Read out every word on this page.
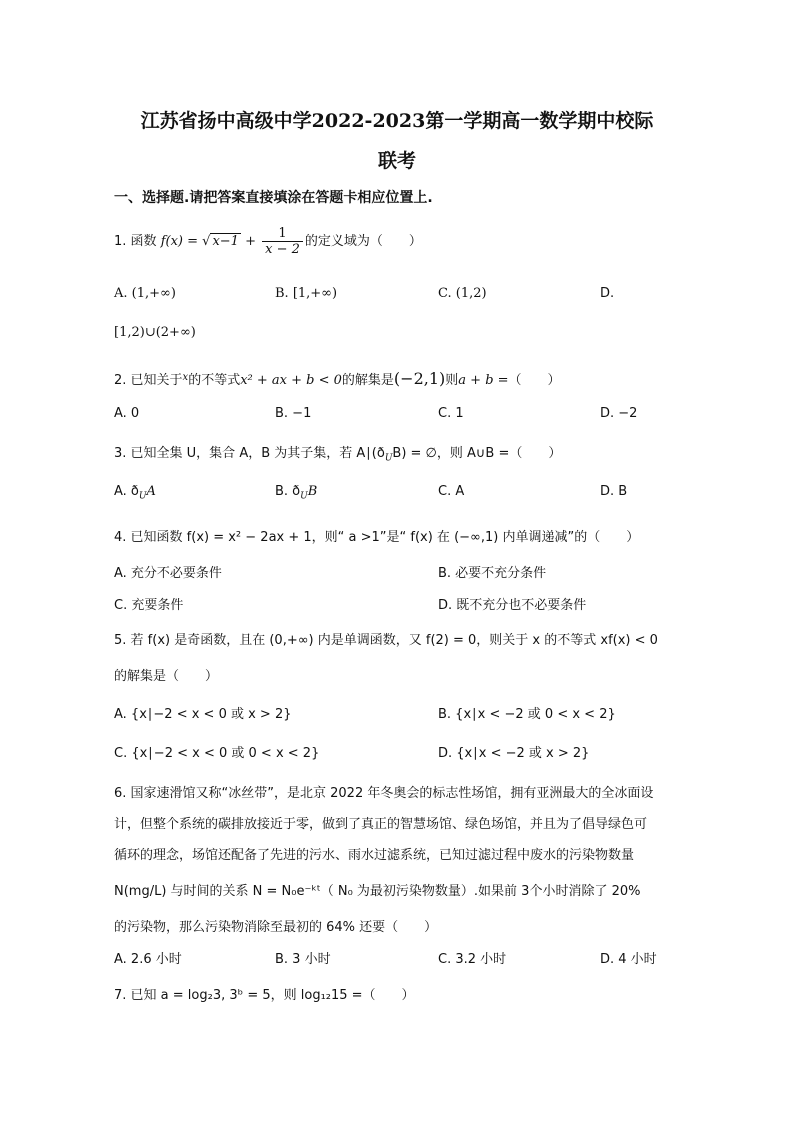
江苏省扬中高级中学2022-2023第一学期高一数学期中校际
联考
一、选择题.请把答案直接填涂在答题卡相应位置上.
1. 函数 f(x) = √ $x-1 + \frac{1}{x - 2}$ 的定义域为（　　）
A. (1,+∞)	B. [1,+∞)	C. (1,2)	D.
[1,2)∪(2+∞)
2. 已知关于$^x$的不等式x² + ax + b < 0的解集是(−2,1)则a + b =（　　）
A. 0	B. −1	C. 1	D. −2
3. 已知全集 U，集合 A，B 为其子集，若 $A∣(ð_UB)$ = ∅，则 A∪B =（　　）
A. $ð_UA$	B. $ð_UB$	C. A	D. B
4. 已知函数 f(x) = x² − 2ax + 1，则“ a >1”是“ f(x) 在 (−∞,1) 内单调递减”的（　　）
A. 充分不必要条件	B. 必要不充分条件
C. 充要条件	D. 既不充分也不必要条件
5. 若 f(x) 是奇函数，且在 (0,+∞) 内是单调函数，又 f(2) = 0，则关于 x 的不等式 xf(x) < 0
的解集是（　　）
A. {x∣−2 < x < 0 或 x > 2}	B. {x∣x < −2 或 0 < x < 2}
C. {x∣−2 < x < 0 或 0 < x < 2}	D. {x∣x < −2 或 x > 2}
6. 国家速滑馆又称“冰丝带”，是北京 2022 年冬奥会的标志性场馆，拥有亚洲最大的全冰面设
计，但整个系统的碳排放接近于零，做到了真正的智慧场馆、绿色场馆，并且为了倡导绿色可
循环的理念，场馆还配备了先进的污水、雨水过滤系统，已知过滤过程中废水的污染物数量
N(mg/L) 与时间的关系 N = N₀e⁻ᵏᵗ（ N₀ 为最初污染物数量）.如果前 3个小时消除了 20%
的污染物，那么污染物消除至最初的 64% 还要（　　）
A. 2.6 小时	B. 3 小时	C. 3.2 小时	D. 4 小时
7. 已知 a = log₂3, 3ᵇ = 5，则 log₁₂15 =（　　）
